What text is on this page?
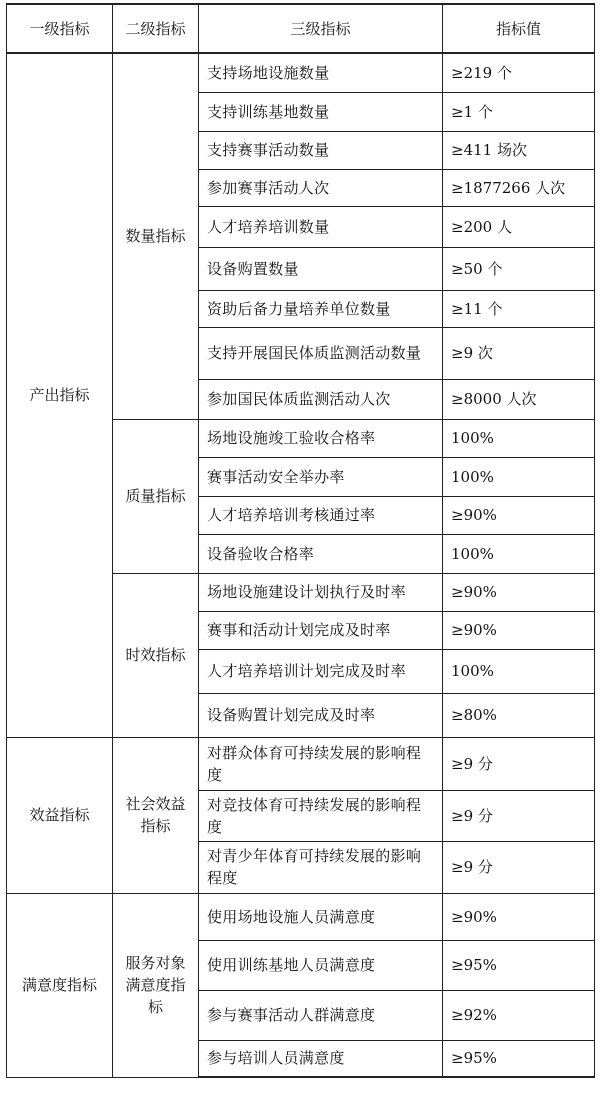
一级指标	二级指标	三级指标	指标值
产出指标	数量指标	支持场地设施数量	≥219 个
		支持训练基地数量	≥1 个
		支持赛事活动数量	≥411 场次
		参加赛事活动人次	≥1877266 人次
		人才培养培训数量	≥200 人
		设备购置数量	≥50 个
		资助后备力量培养单位数量	≥11 个
		支持开展国民体质监测活动数量	≥9 次
		参加国民体质监测活动人次	≥8000 人次
	质量指标	场地设施竣工验收合格率	100%
		赛事活动安全举办率	100%
		人才培养培训考核通过率	≥90%
		设备验收合格率	100%
	时效指标	场地设施建设计划执行及时率	≥90%
		赛事和活动计划完成及时率	≥90%
		人才培养培训计划完成及时率	100%
		设备购置计划完成及时率	≥80%
效益指标	社会效益指标	对群众体育可持续发展的影响程度	≥9 分
		对竞技体育可持续发展的影响程度	≥9 分
		对青少年体育可持续发展的影响程度	≥9 分
满意度指标	服务对象满意度指标	使用场地设施人员满意度	≥90%
		使用训练基地人员满意度	≥95%
		参与赛事活动人群满意度	≥92%
		参与培训人员满意度	≥95%
